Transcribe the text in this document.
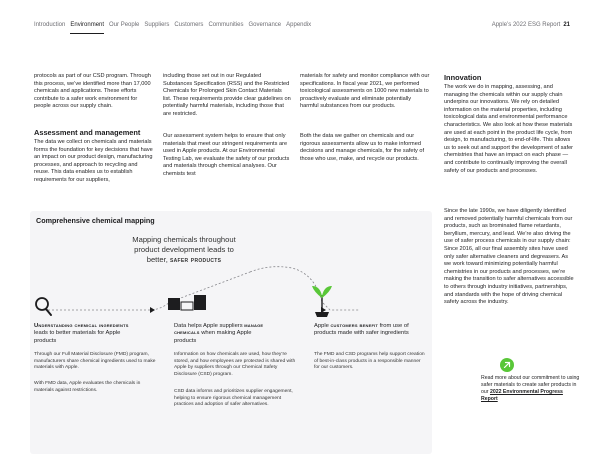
Introduction Environment Our People Suppliers Customers Communities Governance Appendix	Apple’s 2022 ESG Report 21
protocols as part of our CSD program. Through this process, we’ve identified more than 17,000 chemicals and applications. These efforts contribute to a safer work environment for people across our supply chain.
Assessment and management
The data we collect on chemicals and materials forms the foundation for key decisions that have an impact on our product design, manufacturing processes, and approach to recycling and reuse. This data enables us to establish requirements for our suppliers,
including those set out in our Regulated Substances Specification (RSS) and the Restricted Chemicals for Prolonged Skin Contact Materials list. These requirements provide clear guidelines on potentially harmful materials, including those that are restricted.
Our assessment system helps to ensure that only materials that meet our stringent requirements are used in Apple products. At our Environmental Testing Lab, we evaluate the safety of our products and materials through chemical analyses. Our chemists test
materials for safety and monitor compliance with our specifications. In fiscal year 2021, we performed toxicological assessments on 1000 new materials to proactively evaluate and eliminate potentially harmful substances from our products.
Both the data we gather on chemicals and our rigorous assessments allow us to make informed decisions and manage chemicals, for the safety of those who use, make, and recycle our products.
Innovation
The work we do in mapping, assessing, and managing the chemicals within our supply chain underpins our innovations. We rely on detailed information on the material properties, including toxicological data and environmental performance characteristics. We also look at how these materials are used at each point in the product life cycle, from design, to manufacturing, to end-of-life. This allows us to seek out and support the development of safer chemistries that have an impact on each phase — and contribute to continually improving the overall safety of our products and processes.
Since the late 1990s, we have diligently identified and removed potentially harmful chemicals from our products, such as brominated flame retardants, beryllium, mercury, and lead. We’re also driving the use of safer process chemicals in our supply chain: Since 2016, all our final assembly sites have used only safer alternative cleaners and degreasers. As we work toward minimizing potentially harmful chemistries in our products and processes, we’re making the transition to safer alternatives accessible to others through industry initiatives, partnerships, and standards with the hope of driving chemical safety across the industry.
Comprehensive chemical mapping
Mapping chemicals throughout product development leads to better, safer products
Understanding chemical ingredients leads to better materials for Apple products
Through our Full Material Disclosure (FMD) program, manufacturers share chemical ingredients used to make materials with Apple.
With FMD data, Apple evaluates the chemicals in materials against restrictions.
Data helps Apple suppliers manage chemicals when making Apple products
Information on how chemicals are used, how they’re stored, and how employees are protected is shared with Apple by suppliers through our Chemical Safety Disclosure (CSD) program.
CSD data informs and prioritizes supplier engagement, helping to ensure rigorous chemical management practices and adoption of safer alternatives.
Apple customers benefit from use of products made with safer ingredients
The FMD and CSD programs help support creation of best-in-class products in a responsible manner for our customers.
Read more about our commitment to using safer materials to create safer products in our 2022 Environmental Progress Report
